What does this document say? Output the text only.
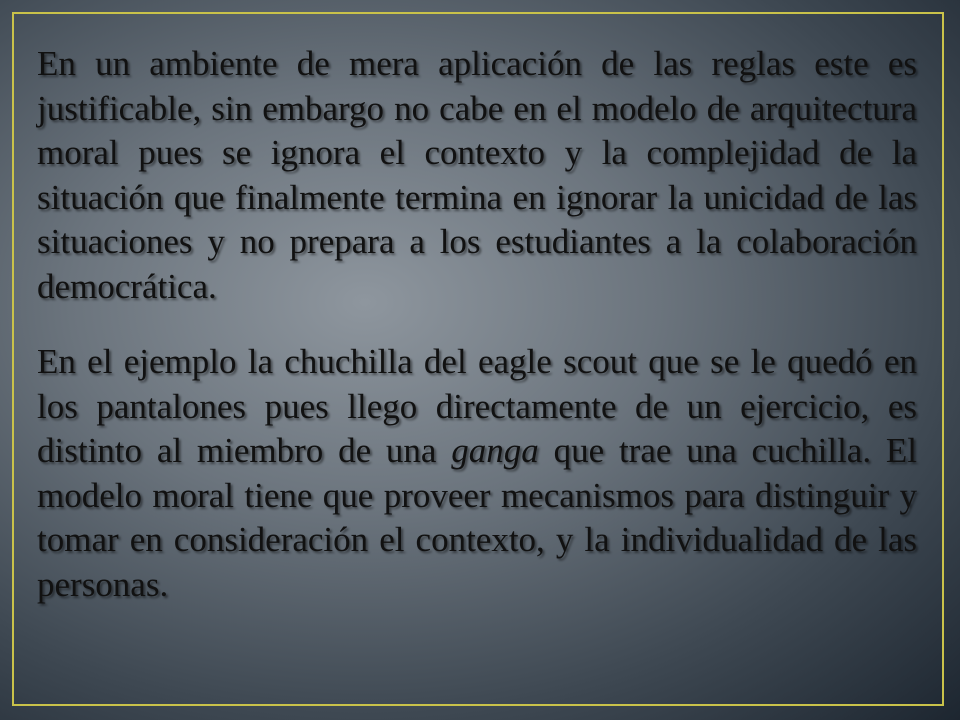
En un ambiente de mera aplicación de las reglas este es justificable, sin embargo no cabe en el modelo de arquitectura moral pues se ignora el contexto y la complejidad de la situación que finalmente termina en ignorar la unicidad de las situaciones y no prepara a los estudiantes a la colaboración democrática.

En el ejemplo la chuchilla del eagle scout que se le quedó en los pantalones pues llego directamente de un ejercicio, es distinto al miembro de una ganga que trae una cuchilla. El modelo moral tiene que proveer mecanismos para distinguir y tomar en consideración el contexto, y la individualidad de las personas.
